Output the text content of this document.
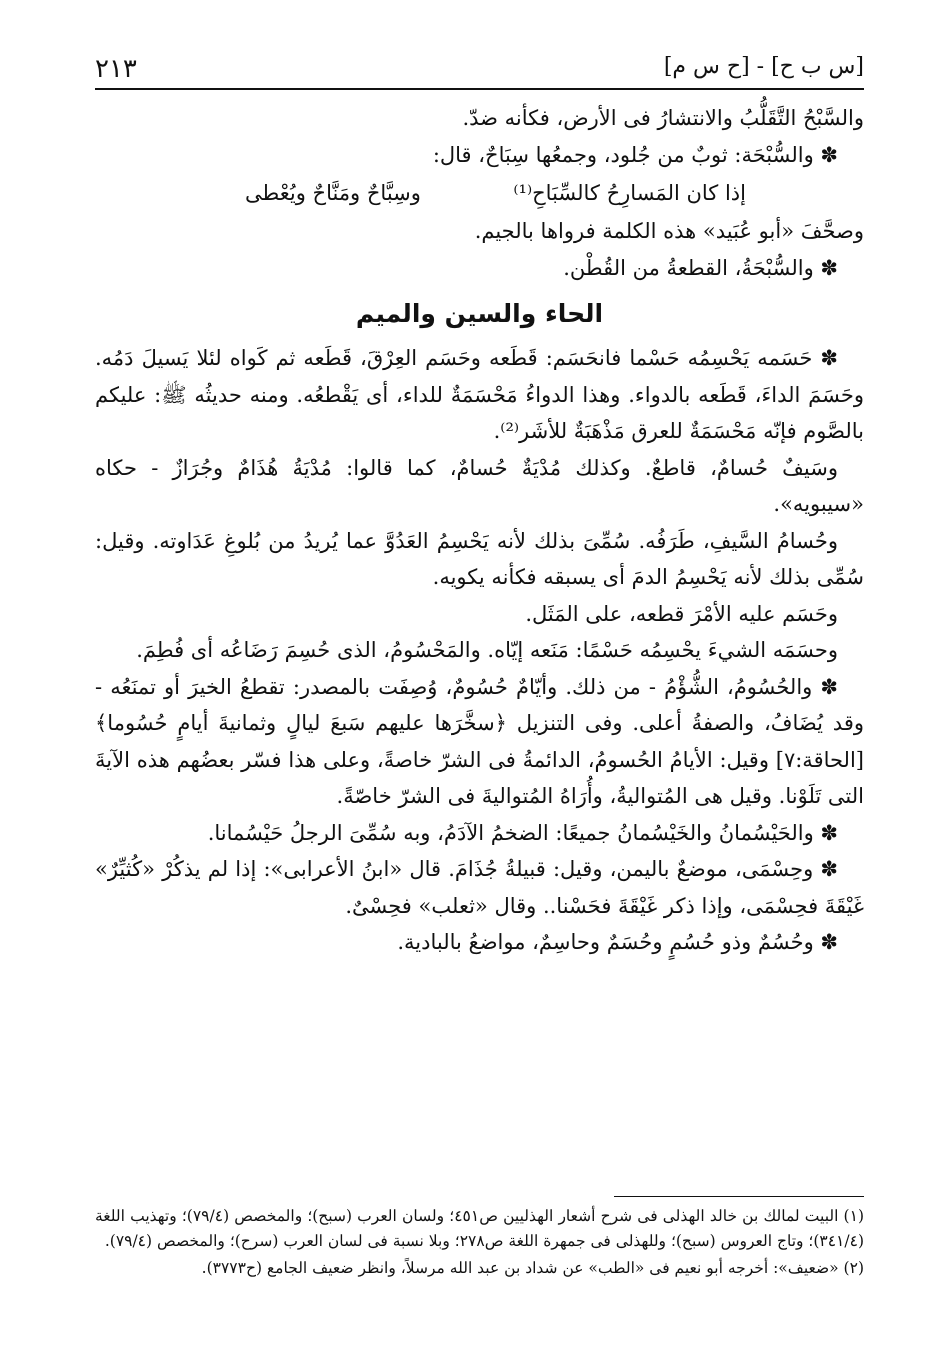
[س ب ح] - [ح س م]
٢١٣

والسَّبْحُ التَّقَلُّبُ والانتشارُ فى الأرض، فكأنه ضدّ.

✽ والسُّبْحَة: ثوبٌ من جُلود، وجمعُها سِبَاحٌ، قال:

إذا كان المَسارِحُ كالسِّبَاحِ⁽¹⁾
وسِبَّاحٌ ومَنَّاحٌ ويُعْطى

وصحَّفَ «أبو عُبَيد» هذه الكلمة فرواها بالجيم.

✽ والسُّبْحَةُ، القطعةُ من القُطْن.

الحاء والسين والميم

✽ حَسَمه يَحْسِمُه حَسْما فانحَسَم: قَطَعه وحَسَم العِرْقَ، قَطَعه ثم كَواه لئلا يَسيلَ دَمُه. وحَسَمَ الداءَ، قَطَعه بالدواء. وهذا الدواءُ مَحْسَمَةٌ للداء، أى يَقْطعُه. ومنه حديثُه ﷺ: عليكم بالصَّوم فإنّه مَحْسَمَةٌ للعرق مَذْهَبَةٌ للأشَر⁽²⁾.

وسَيفٌ حُسامٌ، قاطعٌ. وكذلك مُدْيَةٌ حُسامٌ، كما قالوا: مُدْيَةُ هُذَامٌ وجُرَازٌ - حكاه «سيبويه».

وحُسامُ السَّيفِ، طَرَفُه. سُمِّىَ بذلك لأنه يَحْسِمُ العَدُوَّ عما يُريدُ من بُلوغِ عَدَاوته. وقيل: سُمِّى بذلك لأنه يَحْسِمُ الدمَ أى يسبقه فكأنه يكويه.

وحَسَم عليه الأمْرَ قطعه، على المَثَل.

وحسَمَه الشيءَ يحْسِمُه حَسْمًا: مَنَعه إيّاه. والمَحْسُومُ، الذى حُسِمَ رَضَاعُه أى فُطِمَ.

✽ والحُسُومُ، الشُّؤْمُ - من ذلك. وأيّامٌ حُسُومٌ، وُصِفَت بالمصدر: تقطعُ الخيرَ أو تمنَعُه - وقد يُضَافُ، والصفةُ أعلى. وفى التنزيل ﴿سخَّرَها عليهم سَبعَ ليالٍ وثمانيةَ أيامٍ حُسُوما﴾ [الحاقة:٧] وقيل: الأيامُ الحُسومُ، الدائمةُ فى الشرّ خاصةً، وعلى هذا فسّر بعضُهم هذه الآيةَ التى تَلَوْنا. وقيل هى المُتواليةُ، وأُرَاهُ المُتواليةَ فى الشرّ خاصّةً.

✽ والحَيْسُمانُ والخَيْسُمانُ جميعًا: الضخمُ الآدَمُ، وبه سُمِّىَ الرجلُ حَيْسُمانا.

✽ وحِسْمَى، موضعٌ باليمن، وقيل: قبيلةُ جُذَامَ. قال «ابنُ الأعرابى»: إذا لم يذكُرْ «كُثيِّرٌ» غَيْقَةَ فحِسْمَى، وإذا ذكر غَيْقَةَ فحَسْنا.. وقال «ثعلب» فحِسْىٌ.

✽ وحُسُمٌ وذو حُسُمٍ وحُسَمٌ وحاسِمٌ، مواضعُ بالبادية.

(١) البيت لمالك بن خالد الهذلى فى شرح أشعار الهذليين ص٤٥١؛ ولسان العرب (سبح)؛ والمخصص (٧٩/٤)؛ وتهذيب اللغة (٣٤١/٤)؛ وتاج العروس (سبح)؛ وللهذلى فى جمهرة اللغة ص٢٧٨؛ وبلا نسبة فى لسان العرب (سرح)؛ والمخصص (٧٩/٤).

(٢) «ضعيف»: أخرجه أبو نعيم فى «الطب» عن شداد بن عبد الله مرسلاً، وانظر ضعيف الجامع (ح٣٧٧٣).
